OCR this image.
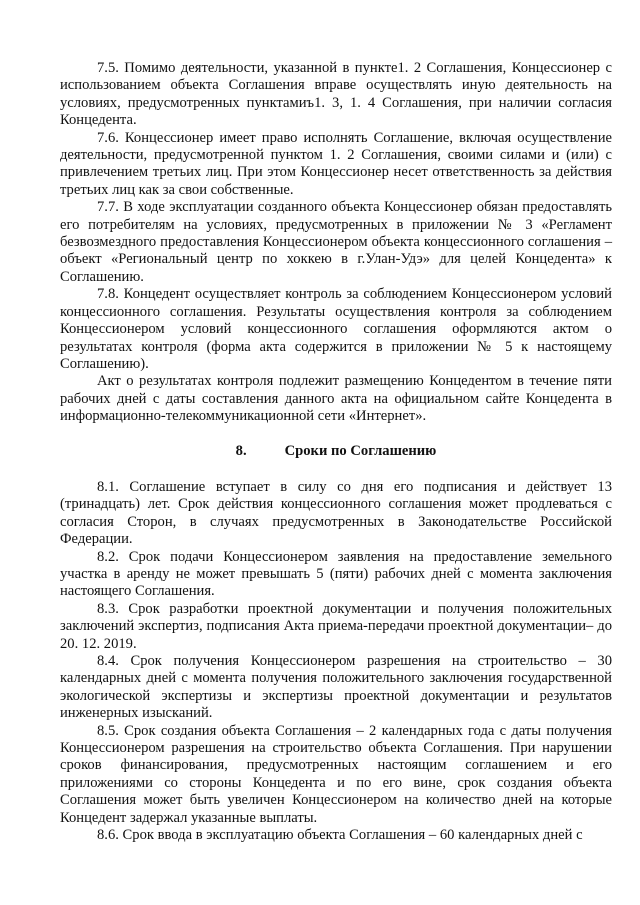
7.5. Помимо деятельности, указанной в пункте1. 2 Соглашения, Концессионер с использованием объекта Соглашения вправе осуществлять иную деятельность на условиях, предусмотренных пунктамиъ1. 3, 1. 4 Соглашения, при наличии согласия Концедента.

7.6. Концессионер имеет право исполнять Соглашение, включая осуществление деятельности, предусмотренной пунктом 1. 2 Соглашения, своими силами и (или) с привлечением третьих лиц. При этом Концессионер несет ответственность за действия третьих лиц как за свои собственные.

7.7. В ходе эксплуатации созданного объекта Концессионер обязан предоставлять его потребителям на условиях, предусмотренных в приложении № 3 «Регламент безвозмездного предоставления Концессионером объекта концессионного соглашения – объект «Региональный центр по хоккею в г.Улан-Удэ» для целей Концедента» к Соглашению.

7.8. Концедент осуществляет контроль за соблюдением Концессионером условий концессионного соглашения. Результаты осуществления контроля за соблюдением Концессионером условий концессионного соглашения оформляются актом о результатах контроля (форма акта содержится в приложении № 5 к настоящему Соглашению).

Акт о результатах контроля подлежит размещению Концедентом в течение пяти рабочих дней с даты составления данного акта на официальном сайте Концедента в информационно-телекоммуникационной сети «Интернет».

8.	Сроки по Соглашению

8.1. Соглашение вступает в силу со дня его подписания и действует 13 (тринадцать) лет. Срок действия концессионного соглашения может продлеваться с согласия Сторон, в случаях предусмотренных в Законодательстве Российской Федерации.

8.2. Срок подачи Концессионером заявления на предоставление земельного участка в аренду не может превышать 5 (пяти) рабочих дней с момента заключения настоящего Соглашения.

8.3. Срок разработки проектной документации и получения положительных заключений экспертиз, подписания Акта приема-передачи проектной документации– до 20. 12. 2019.

8.4. Срок получения Концессионером разрешения на строительство – 30 календарных дней с момента получения положительного заключения государственной экологической экспертизы и экспертизы проектной документации и результатов инженерных изысканий.

8.5. Срок создания объекта Соглашения – 2 календарных года с даты получения Концессионером разрешения на строительство объекта Соглашения. При нарушении сроков финансирования, предусмотренных настоящим соглашением и его приложениями со стороны Концедента и по его вине, срок создания объекта Соглашения может быть увеличен Концессионером на количество дней на которые Концедент задержал указанные выплаты.

8.6. Срок ввода в эксплуатацию объекта Соглашения – 60 календарных дней с
